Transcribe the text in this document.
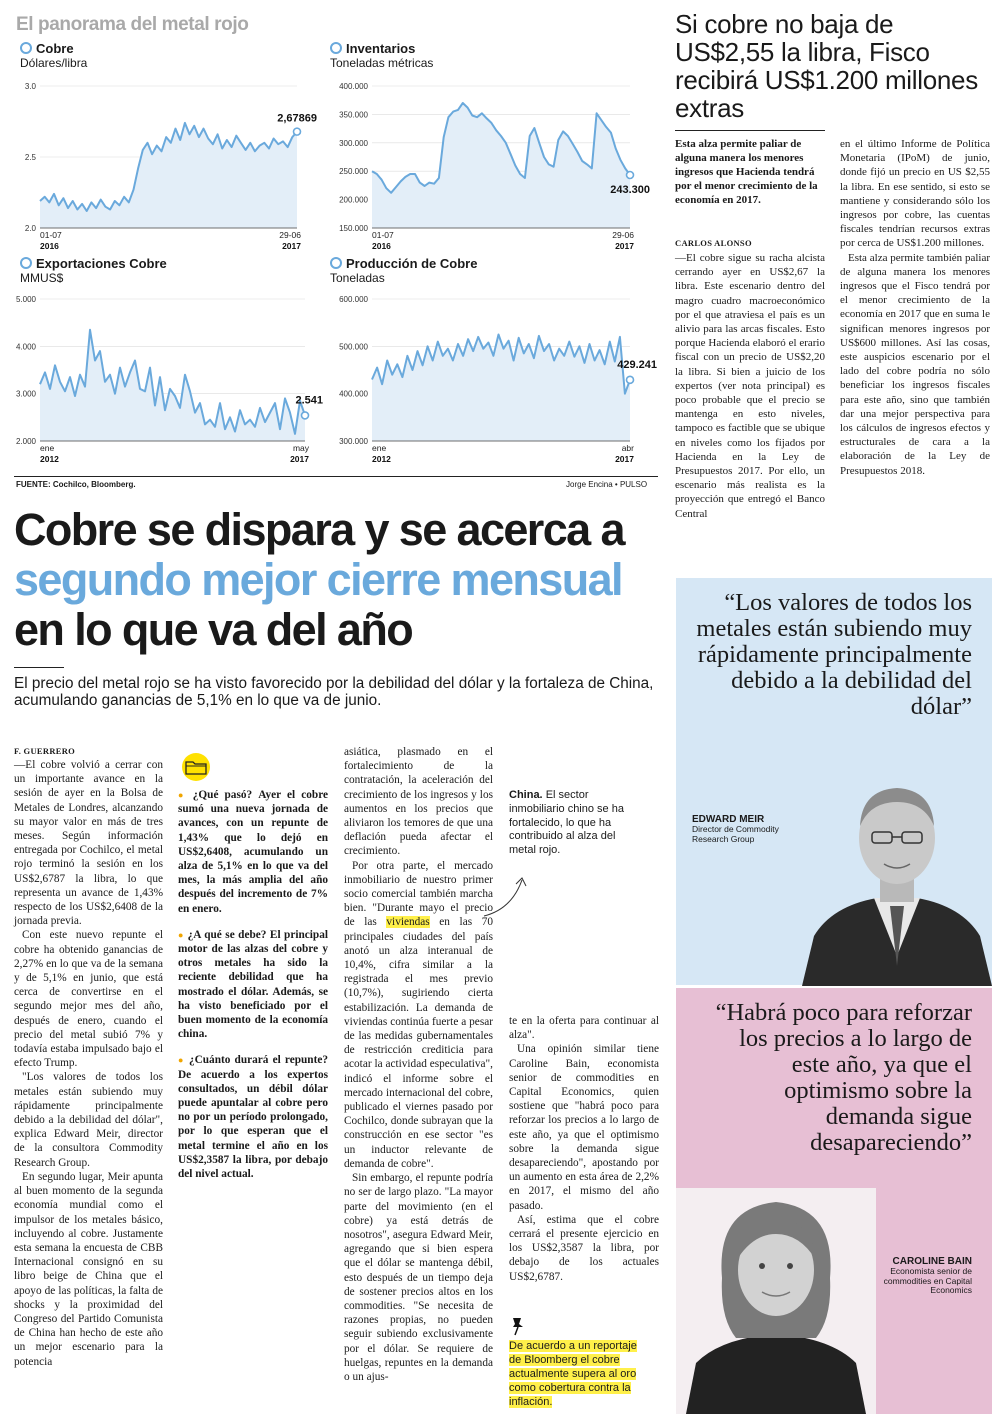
El panorama del metal rojo
Cobre
Dólares/libra
Inventarios
Toneladas métricas
Exportaciones Cobre
MMUS$
Producción de Cobre
Toneladas
3.0
2.5
2.0
2,67869
01-07
2016
29-06
2017
400.000
350.000
300.000
250.000
200.000
150.000
243.300
01-07
2016
29-06
2017
5.000
4.000
3.000
2.000
2.541
ene
2012
may
2017
600.000
500.000
400.000
300.000
429.241
ene
2012
abr
2017
FUENTE: Cochilco, Bloomberg.	Jorge Encina • PULSO
Si cobre no baja de US$2,55 la libra, Fisco recibirá US$1.200 millones extras
Esta alza permite paliar de alguna manera los menores ingresos que Hacienda tendrá por el menor crecimiento de la economía en 2017.
CARLOS ALONSO

—El cobre sigue su racha alcista cerrando ayer en US$2,67 la libra. Este escenario dentro del magro cuadro macroeconómico por el que atraviesa el país es un alivio para las arcas fiscales. Esto porque Hacienda elaboró el erario fiscal con un precio de US$2,20 la libra. Si bien a juicio de los expertos (ver nota principal) es poco probable que el precio se mantenga en esto niveles, tampoco es factible que se ubique en niveles como los fijados por Hacienda en la Ley de Presupuestos 2017. Por ello, un escenario más realista es la proyección que entregó el Banco Central

en el último Informe de Política Monetaria (IPoM) de junio, donde fijó un precio en US $2,55 la libra. En ese sentido, si esto se mantiene y considerando sólo los ingresos por cobre, las cuentas fiscales tendrían recursos extras por cerca de US$1.200 millones.

Esta alza permite también paliar de alguna manera los menores ingresos que el Fisco tendrá por el menor crecimiento de la economía en 2017 que en suma le significan menores ingresos por US$600 millones. Así las cosas, este auspicios escenario por el lado del cobre podría no sólo beneficiar los ingresos fiscales para este año, sino que también dar una mejor perspectiva para los cálculos de ingresos efectos y estructurales de cara a la elaboración de la Ley de Presupuestos 2018.

Cobre se dispara y se acerca a
segundo mejor cierre mensual
en lo que va del año
El precio del metal rojo se ha visto favorecido por la debilidad del dólar y la fortaleza de China, acumulando ganancias de 5,1% en lo que va de junio.
F. GUERRERO

—El cobre volvió a cerrar con un importante avance en la sesión de ayer en la Bolsa de Metales de Londres, alcanzando su mayor valor en más de tres meses. Según información entregada por Cochilco, el metal rojo terminó la sesión en los US$2,6787 la libra, lo que representa un avance de 1,43% respecto de los US$2,6408 de la jornada previa.

Con este nuevo repunte el cobre ha obtenido ganancias de 2,27% en lo que va de la semana y de 5,1% en junio, que está cerca de convertirse en el segundo mejor mes del año, después de enero, cuando el precio del metal subió 7% y todavía estaba impulsado bajo el efecto Trump.

"Los valores de todos los metales están subiendo muy rápidamente principalmente debido a la debilidad del dólar", explica Edward Meir, director de la consultora Commodity Research Group.

En segundo lugar, Meir apunta al buen momento de la segunda economía mundial como el impulsor de los metales básico, incluyendo al cobre. Justamente esta semana la encuesta de CBB Internacional consignó en su libro beige de China que el apoyo de las políticas, la falta de shocks y la proximidad del Congreso del Partido Comunista de China han hecho de este año un mejor escenario para la potencia

● ¿Qué pasó? Ayer el cobre sumó una nueva jornada de avances, con un repunte de 1,43% que lo dejó en US$2,6408, acumulando un alza de 5,1% en lo que va del mes, la más amplia del año después del incremento de 7% en enero.

● ¿A qué se debe? El principal motor de las alzas del cobre y otros metales ha sido la reciente debilidad que ha mostrado el dólar. Además, se ha visto beneficiado por el buen momento de la economía china.

● ¿Cuánto durará el repunte? De acuerdo a los expertos consultados, un débil dólar puede apuntalar al cobre pero no por un período prolongado, por lo que esperan que el metal termine el año en los US$2,3587 la libra, por debajo del nivel actual.

asiática, plasmado en el fortalecimiento de la contratación, la aceleración del crecimiento de los ingresos y los aumentos en los precios que aliviaron los temores de que una deflación pueda afectar el crecimiento.

Por otra parte, el mercado inmobiliario de nuestro primer socio comercial también marcha bien. "Durante mayo el precio de las viviendas en las 70 principales ciudades del país anotó un alza interanual de 10,4%, cifra similar a la registrada el mes previo (10,7%), sugiriendo cierta estabilización. La demanda de viviendas continúa fuerte a pesar de las medidas gubernamentales de restricción crediticia para acotar la actividad especulativa", indicó el informe sobre el mercado internacional del cobre, publicado el viernes pasado por Cochilco, donde subrayan que la construcción en ese sector "es un inductor relevante de demanda de cobre".

Sin embargo, el repunte podría no ser de largo plazo. "La mayor parte del movimiento (en el cobre) ya está detrás de nosotros", asegura Edward Meir, agregando que si bien espera que el dólar se mantenga débil, esto después de un tiempo deja de sostener precios altos en los commodities. "Se necesita de razones propias, no pueden seguir subiendo exclusivamente por el dólar. Se requiere de huelgas, repuntes en la demanda o un ajus-

China. El sector inmobiliario chino se ha fortalecido, lo que ha contribuido al alza del metal rojo.

te en la oferta para continuar al alza".

Una opinión similar tiene Caroline Bain, economista senior de commodities en Capital Economics, quien sostiene que "habrá poco para reforzar los precios a lo largo de este año, ya que el optimismo sobre la demanda sigue desapareciendo", apostando por un aumento en esta área de 2,2% en 2017, el mismo del año pasado.

Así, estima que el cobre cerrará el presente ejercicio en los US$2,3587 la libra, por debajo de los actuales US$2,6787.

De acuerdo a un reportaje de Bloomberg el cobre actualmente supera al oro como cobertura contra la inflación.
“Los valores de todos los metales están subiendo muy rápidamente principalmente debido a la debilidad del dólar”
EDWARD MEIR
Director de Commodity Research Group
“Habrá poco para reforzar los precios a lo largo de este año, ya que el optimismo sobre la demanda sigue desapareciendo”
CAROLINE BAIN
Economista senior de commodities en Capital Economics
